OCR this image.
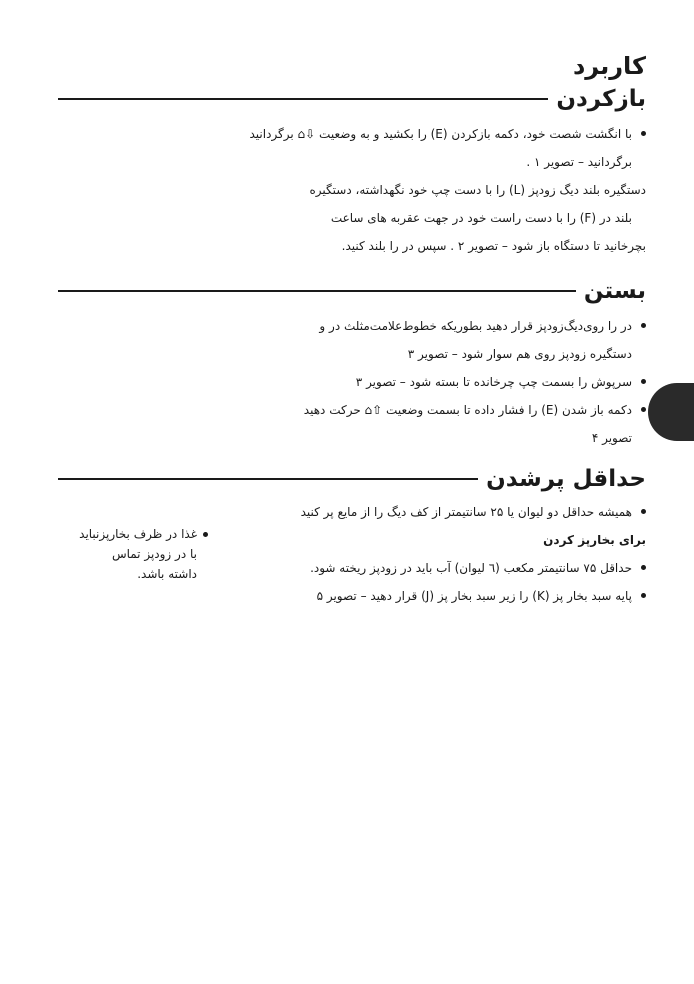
کاربرد
بازکردن
با انگشت شصت خود، دکمه بازکردن (E) را بکشید و به وضعیت ⇩⌂ برگردانید

برگردانید – تصویر ۱ .

دستگیره بلند دیگ زودپز (L) را با دست چپ خود نگهداشته، دستگیره

بلند در (F) را با دست راست خود در جهت عقربه های ساعت

بچرخانید تا دستگاه باز شود – تصویر ۲ . سپس در را بلند کنید.

بستن
در را روی‌دیگ‌زودپز قرار دهید بطوریکه خطوط‌علامت‌مثلث در و
دستگیره زودپز روی هم سوار شود – تصویر ۳
سرپوش را بسمت چپ چرخانده تا بسته شود – تصویر ۳
دکمه باز شدن (E) را فشار داده تا بسمت وضعیت ⇧⌂ حرکت دهید
تصویر ۴
حداقل پرشدن
همیشه حداقل دو لیوان یا ۲۵ سانتیمتر از کف دیگ را از مایع پر کنید

برای بخارپز کردن

حداقل ۷۵ سانتیمتر مکعب (٦ لیوان) آب باید در زودپز ریخته شود.
پایه سبد بخار پز (K) را زیر سبد بخار پز (J) قرار دهید – تصویر ۵

غذا در ظرف بخارپزنباید

با در زودپز تماس

داشته باشد.
